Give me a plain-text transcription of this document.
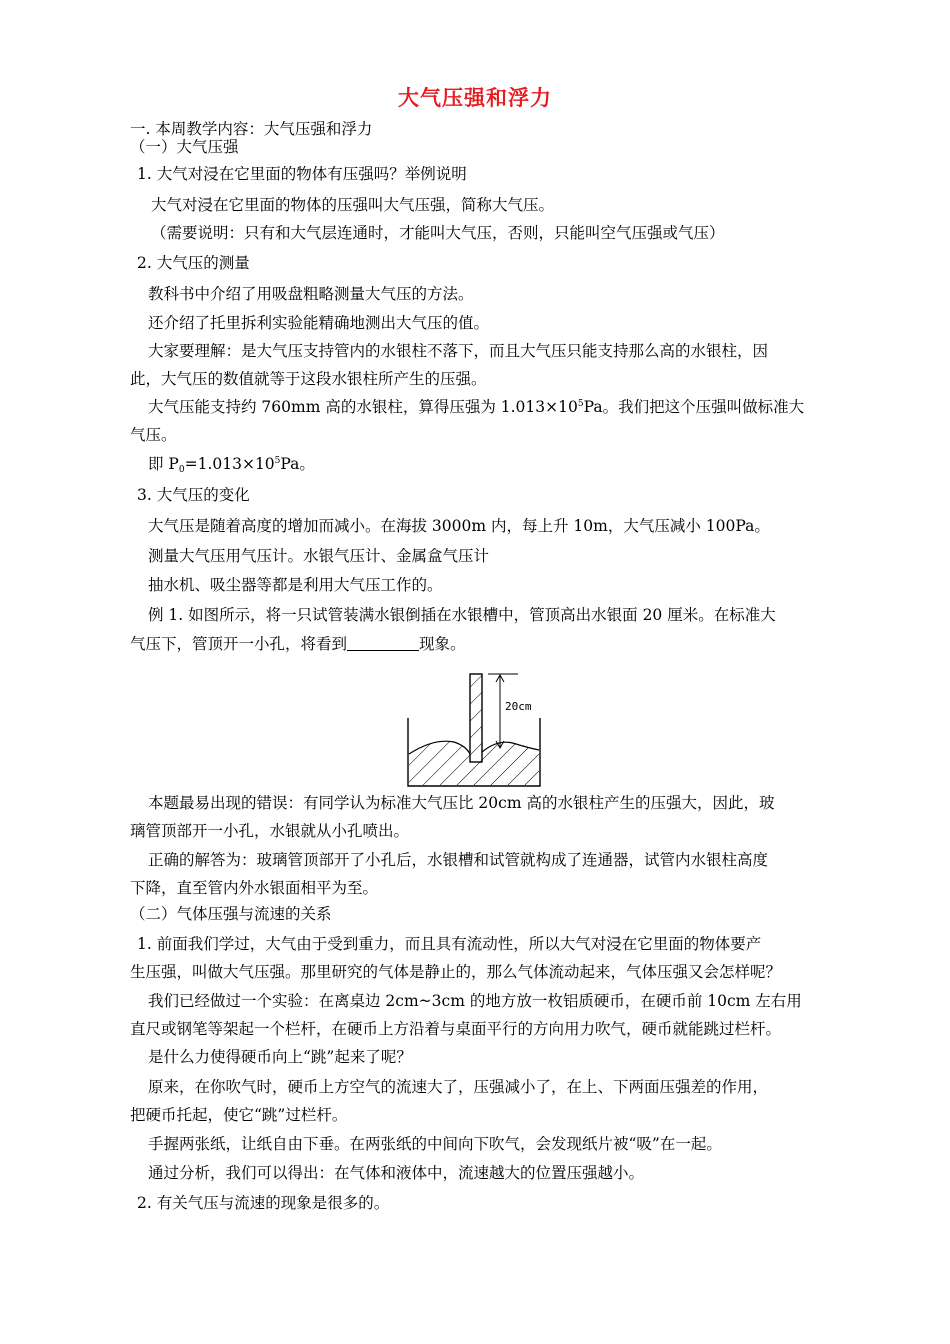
大气压强和浮力
一. 本周教学内容：大气压强和浮力
（一）大气压强
1. 大气对浸在它里面的物体有压强吗？举例说明
大气对浸在它里面的物体的压强叫大气压强，简称大气压。
（需要说明：只有和大气层连通时，才能叫大气压，否则，只能叫空气压强或气压）
2. 大气压的测量
教科书中介绍了用吸盘粗略测量大气压的方法。
还介绍了托里拆利实验能精确地测出大气压的值。
大家要理解：是大气压支持管内的水银柱不落下，而且大气压只能支持那么高的水银柱，因
此，大气压的数值就等于这段水银柱所产生的压强。
大气压能支持约 760mm 高的水银柱，算得压强为 $1.013\times 10^5Pa$。我们把这个压强叫做标准大
气压。
即 $P_0=1.013\times 10^5Pa$。
3. 大气压的变化
大气压是随着高度的增加而减小。在海拔 3000m 内，每上升 10m，大气压减小 100Pa。
测量大气压用气压计。水银气压计、金属盒气压计
抽水机、吸尘器等都是利用大气压工作的。
例 1. 如图所示，将一只试管装满水银倒插在水银槽中，管顶高出水银面 20 厘米。在标准大
气压下，管顶开一小孔，将看到	现象。
20cm
本题最易出现的错误：有同学认为标准大气压比 20cm 高的水银柱产生的压强大，因此，玻
璃管顶部开一小孔，水银就从小孔喷出。
正确的解答为：玻璃管顶部开了小孔后，水银槽和试管就构成了连通器，试管内水银柱高度
下降，直至管内外水银面相平为至。
（二）气体压强与流速的关系
1. 前面我们学过，大气由于受到重力，而且具有流动性，所以大气对浸在它里面的物体要产
生压强，叫做大气压强。那里研究的气体是静止的，那么气体流动起来，气体压强又会怎样呢？
我们已经做过一个实验：在离桌边 2cm~3cm 的地方放一枚铝质硬币，在硬币前 10cm 左右用
直尺或钢笔等架起一个栏杆，在硬币上方沿着与桌面平行的方向用力吹气，硬币就能跳过栏杆。
是什么力使得硬币向上“跳”起来了呢？
原来，在你吹气时，硬币上方空气的流速大了，压强减小了，在上、下两面压强差的作用，
把硬币托起，使它“跳”过栏杆。
手握两张纸，让纸自由下垂。在两张纸的中间向下吹气，会发现纸片被“吸”在一起。
通过分析，我们可以得出：在气体和液体中，流速越大的位置压强越小。
2. 有关气压与流速的现象是很多的。
